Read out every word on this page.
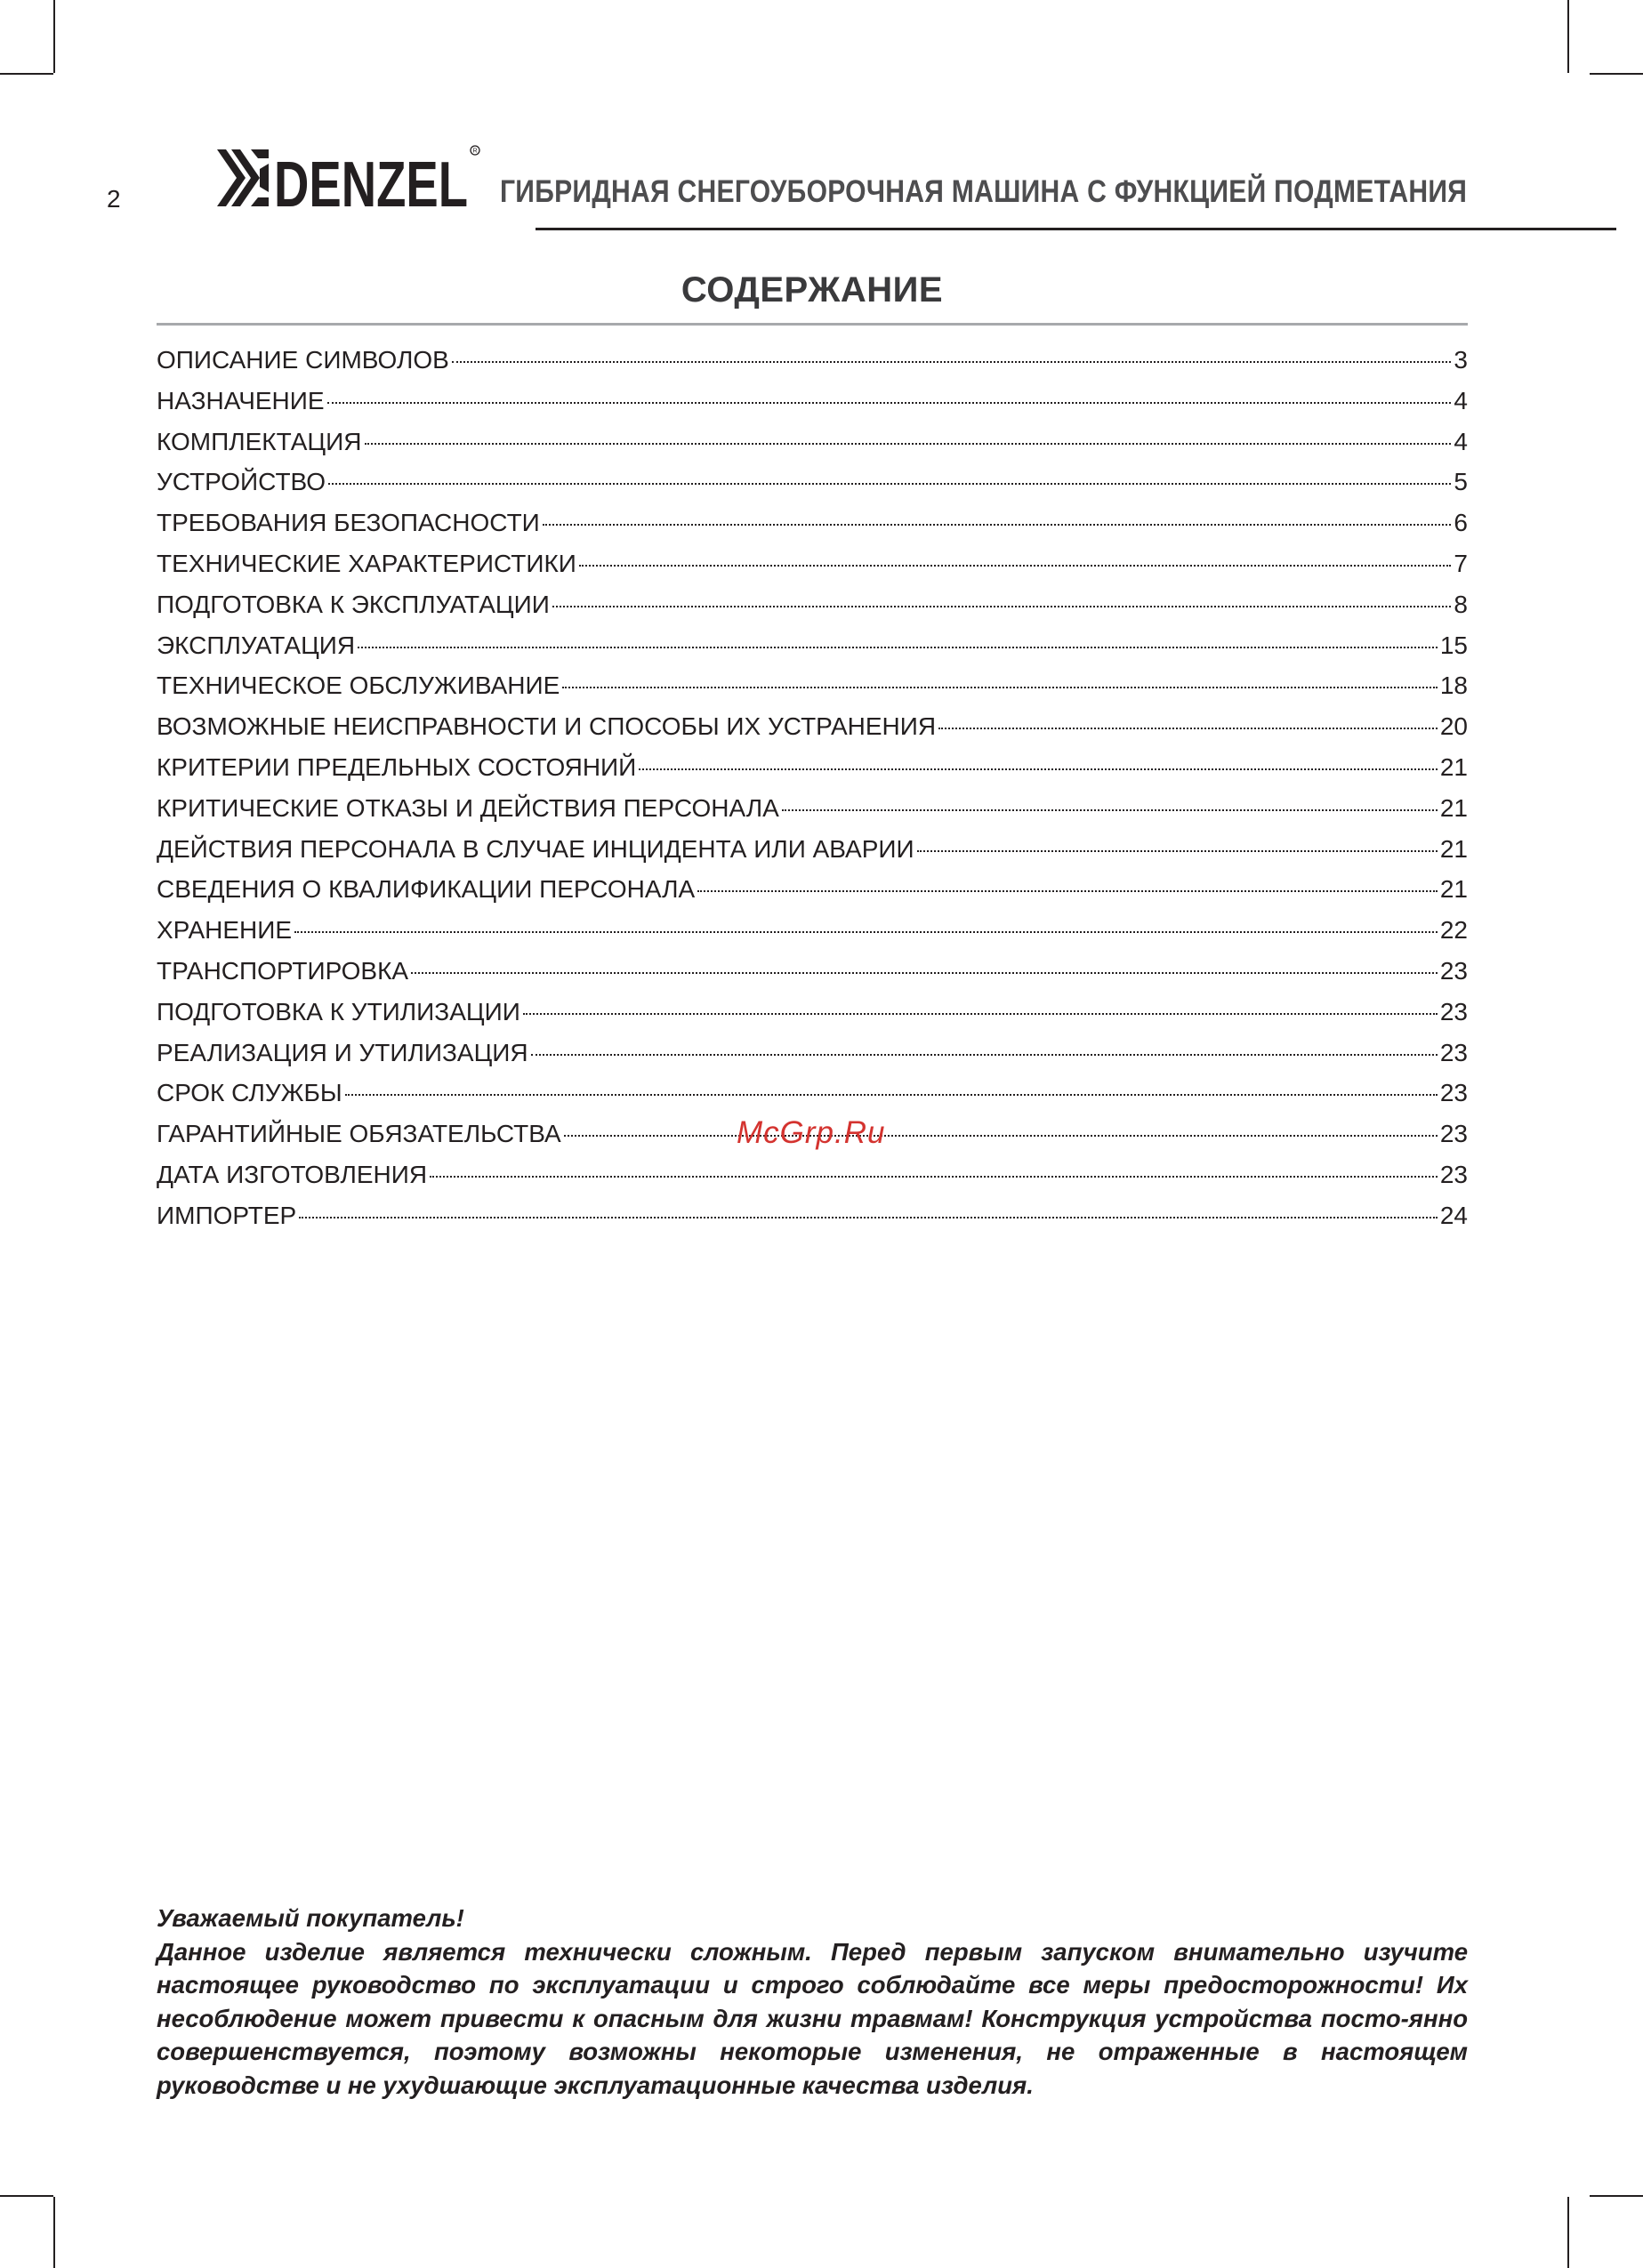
2 DENZEL R
ГИБРИДНАЯ СНЕГОУБОРОЧНАЯ МАШИНА С ФУНКЦИЕЙ ПОДМЕТАНИЯ
СОДЕРЖАНИЕ
ОПИСАНИЕ СИМВОЛОВ	3
НАЗНАЧЕНИЕ	4
КОМПЛЕКТАЦИЯ	4
УСТРОЙСТВО	5
ТРЕБОВАНИЯ БЕЗОПАСНОСТИ	6
ТЕХНИЧЕСКИЕ ХАРАКТЕРИСТИКИ	7
ПОДГОТОВКА К ЭКСПЛУАТАЦИИ	8
ЭКСПЛУАТАЦИЯ	15
ТЕХНИЧЕСКОЕ ОБСЛУЖИВАНИЕ	18
ВОЗМОЖНЫЕ НЕИСПРАВНОСТИ И СПОСОБЫ ИХ УСТРАНЕНИЯ	20
КРИТЕРИИ ПРЕДЕЛЬНЫХ СОСТОЯНИЙ	21
КРИТИЧЕСКИЕ ОТКАЗЫ И ДЕЙСТВИЯ ПЕРСОНАЛА	21
ДЕЙСТВИЯ ПЕРСОНАЛА В СЛУЧАЕ ИНЦИДЕНТА ИЛИ АВАРИИ	21
СВЕДЕНИЯ О КВАЛИФИКАЦИИ ПЕРСОНАЛА	21
ХРАНЕНИЕ	22
ТРАНСПОРТИРОВКА	23
ПОДГОТОВКА К УТИЛИЗАЦИИ	23
РЕАЛИЗАЦИЯ И УТИЛИЗАЦИЯ	23
СРОК СЛУЖБЫ	23
ГАРАНТИЙНЫЕ ОБЯЗАТЕЛЬСТВА	23
ДАТА ИЗГОТОВЛЕНИЯ	23
ИМПОРТЕР	24
McGrp.Ru

Уважаемый покупатель!

Данное изделие является технически сложным. Перед первым запуском внимательно изучите настоящее руководство по эксплуатации и строго соблюдайте все меры предосторожности! Их несоблюдение может привести к опасным для жизни травмам! Конструкция устройства посто-янно совершенствуется, поэтому возможны некоторые изменения, не отраженные в настоящем руководстве и не ухудшающие эксплуатационные качества изделия.
